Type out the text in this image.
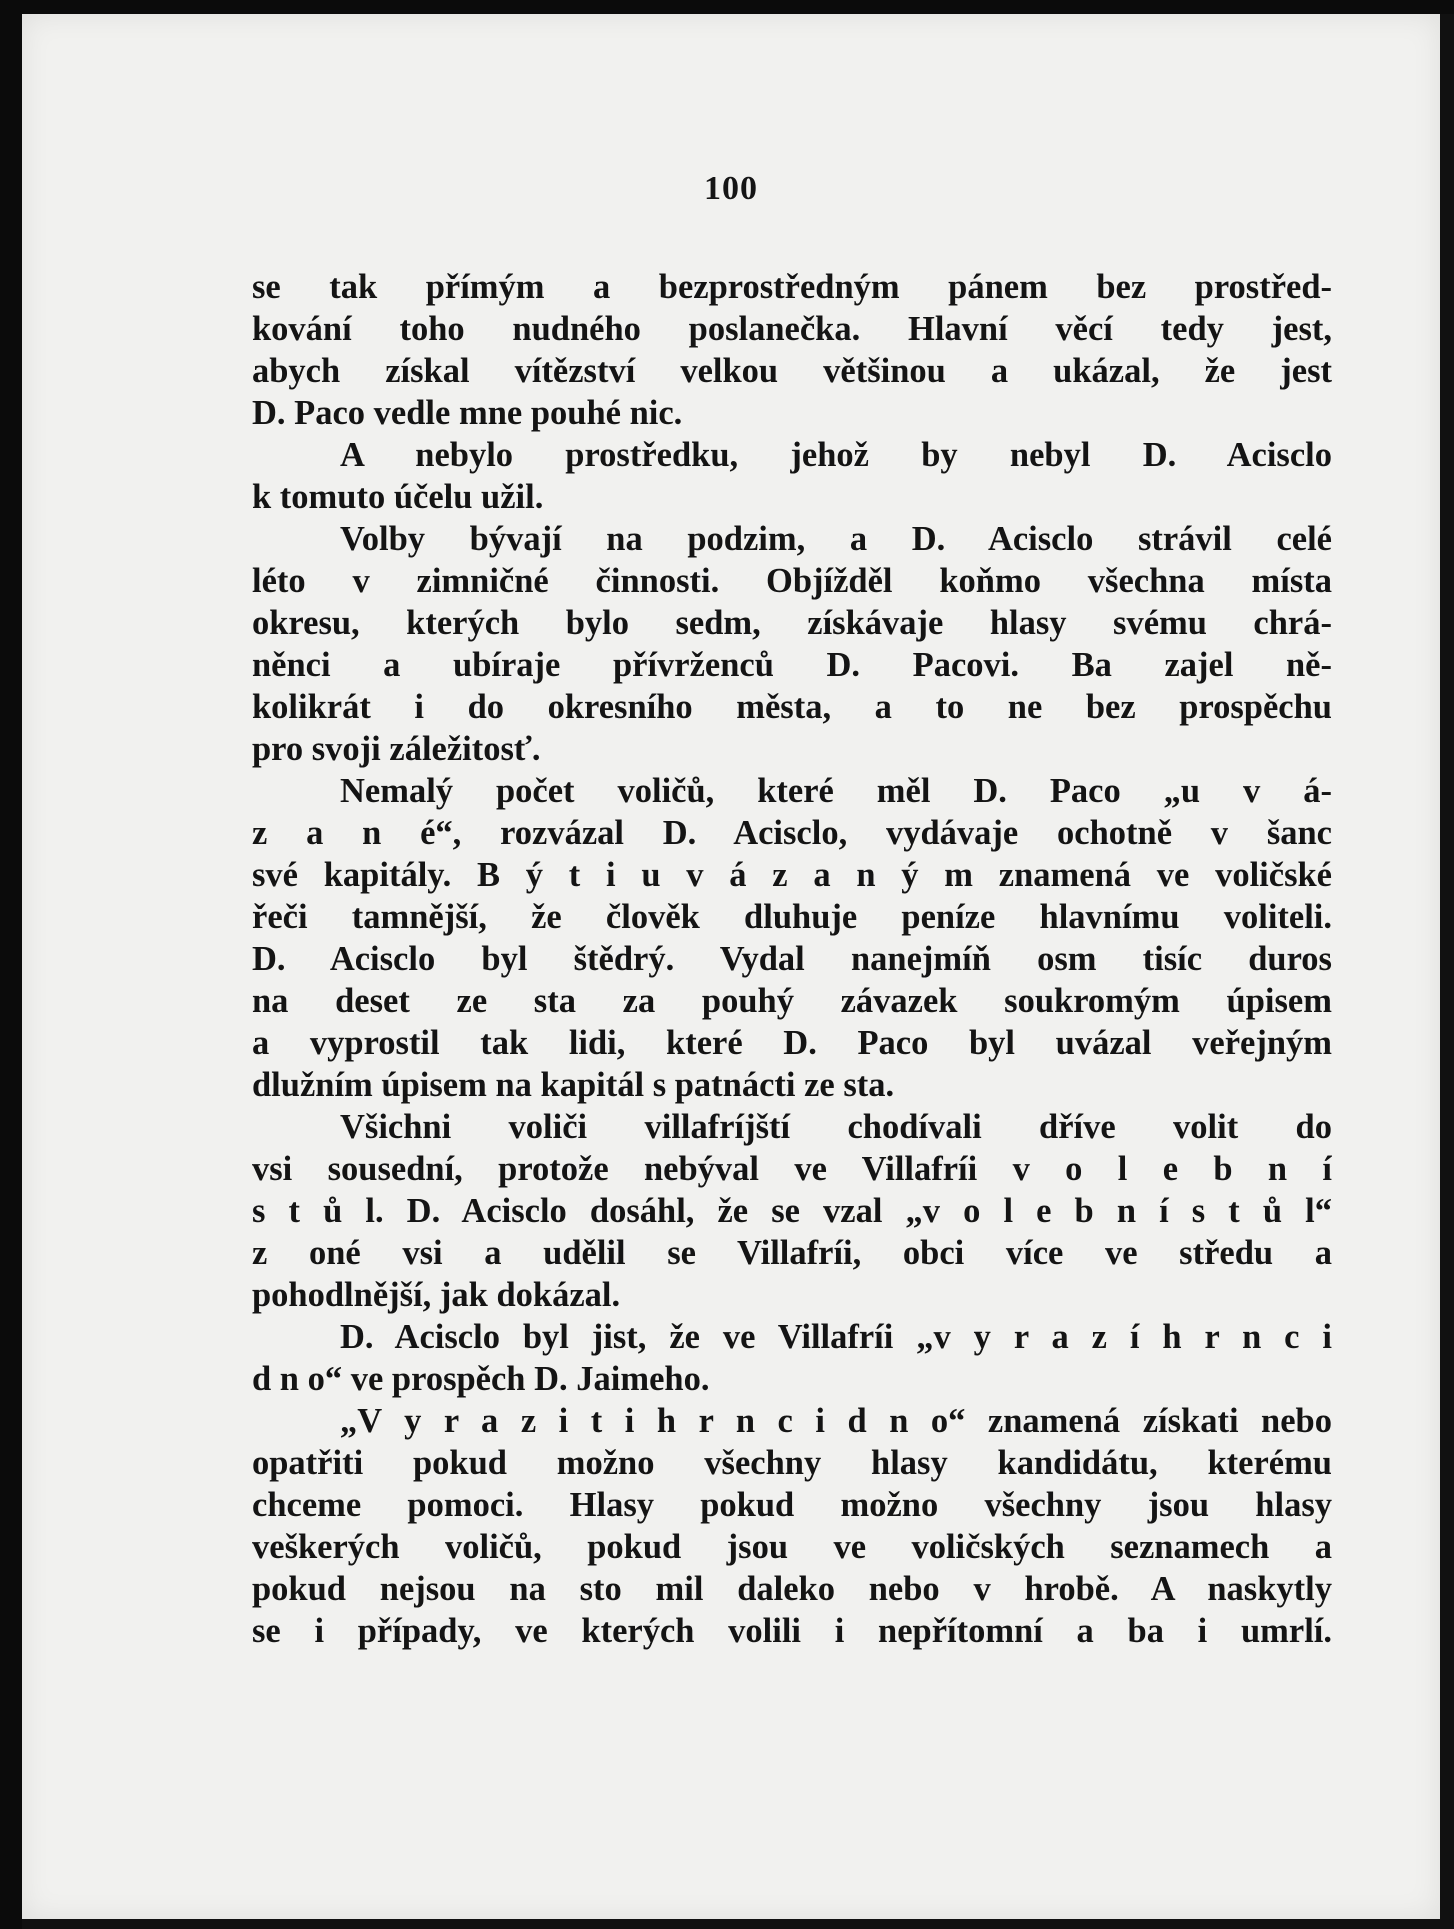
100
se tak přímým a bezprostředným pánem bez prostřed-
kování toho nudného poslanečka. Hlavní věcí tedy jest,
abych získal vítězství velkou většinou a ukázal, že jest
D. Paco vedle mne pouhé nic.
A nebylo prostředku, jehož by nebyl D. Acisclo
k tomuto účelu užil.
Volby bývají na podzim, a D. Acisclo strávil celé
léto v zimničné činnosti. Objížděl koňmo všechna místa
okresu, kterých bylo sedm, získávaje hlasy svému chrá-
něnci a ubíraje přívrženců D. Pacovi. Ba zajel ně-
kolikrát i do okresního města, a to ne bez prospěchu
pro svoji záležitosť.
Nemalý počet voličů, které měl D. Paco „u v á-
z a n é“, rozvázal D. Acisclo, vydávaje ochotně v šanc
své kapitály. B ý t i u v á z a n ý m znamená ve voličské
řeči tamnější, že člověk dluhuje peníze hlavnímu voliteli.
D. Acisclo byl štědrý. Vydal nanejmíň osm tisíc duros
na deset ze sta za pouhý závazek soukromým úpisem
a vyprostil tak lidi, které D. Paco byl uvázal veřejným
dlužním úpisem na kapitál s patnácti ze sta.
Všichni voliči villafríjští chodívali dříve volit do
vsi sousední, protože nebýval ve Villafríi v o l e b n í
s t ů l. D. Acisclo dosáhl, že se vzal „v o l e b n í s t ů l“
z oné vsi a udělil se Villafríi, obci více ve středu a
pohodlnější, jak dokázal.
D. Acisclo byl jist, že ve Villafríi „v y r a z í h r n c i
d n o“ ve prospěch D. Jaimeho.
„V y r a z i t i h r n c i d n o“ znamená získati nebo
opatřiti pokud možno všechny hlasy kandidátu, kterému
chceme pomoci. Hlasy pokud možno všechny jsou hlasy
veškerých voličů, pokud jsou ve voličských seznamech a
pokud nejsou na sto mil daleko nebo v hrobě. A naskytly
se i případy, ve kterých volili i nepřítomní a ba i umrlí.
